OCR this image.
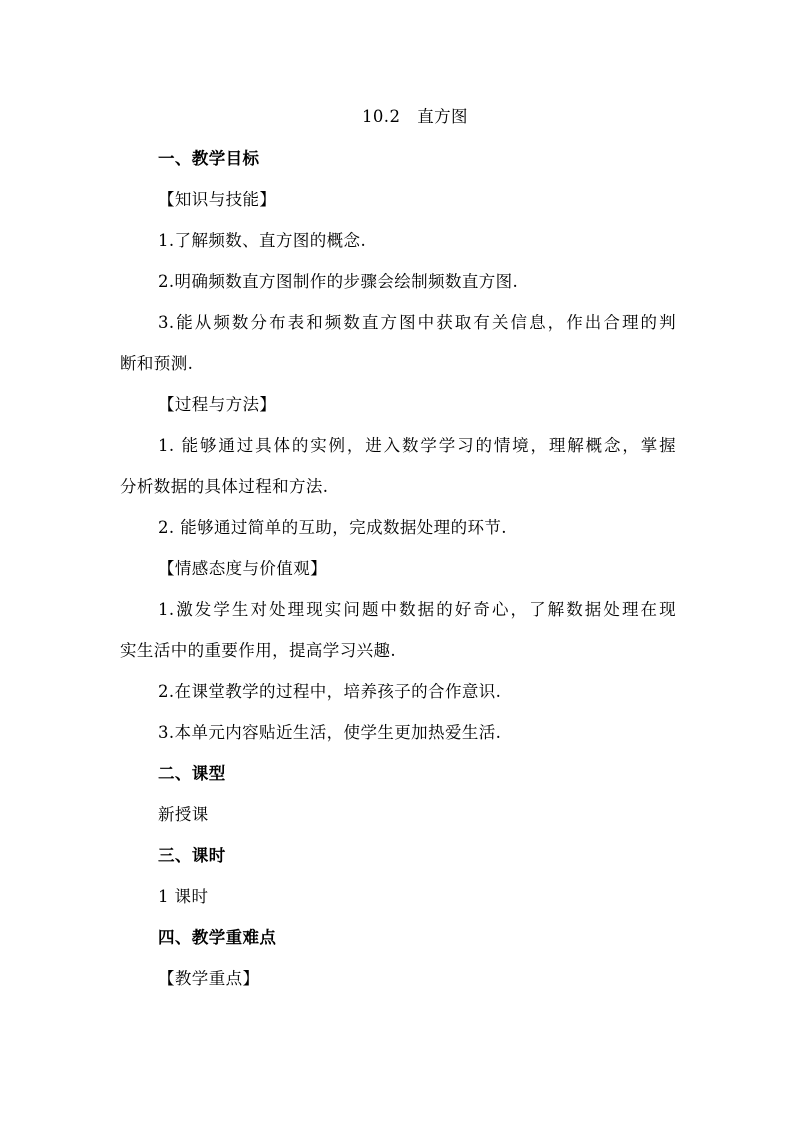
10.2　直方图
一、教学目标
【知识与技能】
1.了解频数、直方图的概念.
2.明确频数直方图制作的步骤会绘制频数直方图.
3.能从频数分布表和频数直方图中获取有关信息，作出合理的判
断和预测.
【过程与方法】
1. 能够通过具体的实例，进入数学学习的情境，理解概念，掌握
分析数据的具体过程和方法.
2. 能够通过简单的互助，完成数据处理的环节.
【情感态度与价值观】
1.激发学生对处理现实问题中数据的好奇心，了解数据处理在现
实生活中的重要作用，提高学习兴趣.
2.在课堂教学的过程中，培养孩子的合作意识.
3.本单元内容贴近生活，使学生更加热爱生活.
二、课型
新授课
三、课时
1 课时
四、教学重难点
【教学重点】
